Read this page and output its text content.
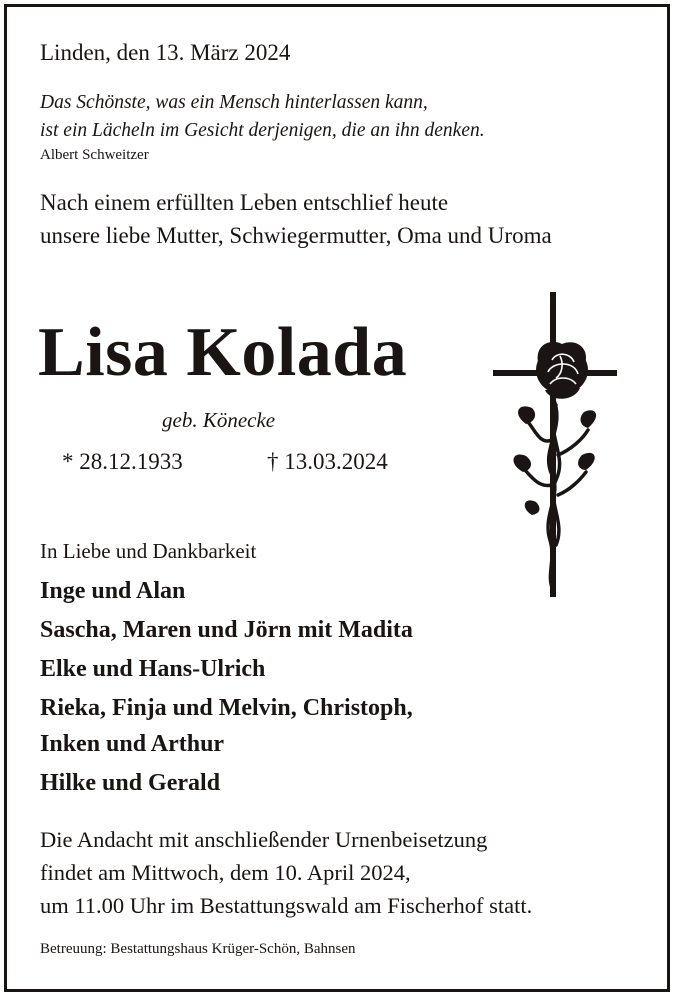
Linden, den 13. März 2024
Das Schönste, was ein Mensch hinterlassen kann,
ist ein Lächeln im Gesicht derjenigen, die an ihn denken.
Albert Schweitzer
Nach einem erfüllten Leben entschlief heute
unsere liebe Mutter, Schwiegermutter, Oma und Uroma
Lisa Kolada
geb. Könecke
* 28.12.1933	† 13.03.2024
In Liebe und Dankbarkeit
Inge und Alan
Sascha, Maren und Jörn mit Madita
Elke und Hans-Ulrich
Rieka, Finja und Melvin, Christoph,
Inken und Arthur
Hilke und Gerald
Die Andacht mit anschließender Urnenbeisetzung
findet am Mittwoch, dem 10. April 2024,
um 11.00 Uhr im Bestattungswald am Fischerhof statt.
Betreuung: Bestattungshaus Krüger-Schön, Bahnsen
